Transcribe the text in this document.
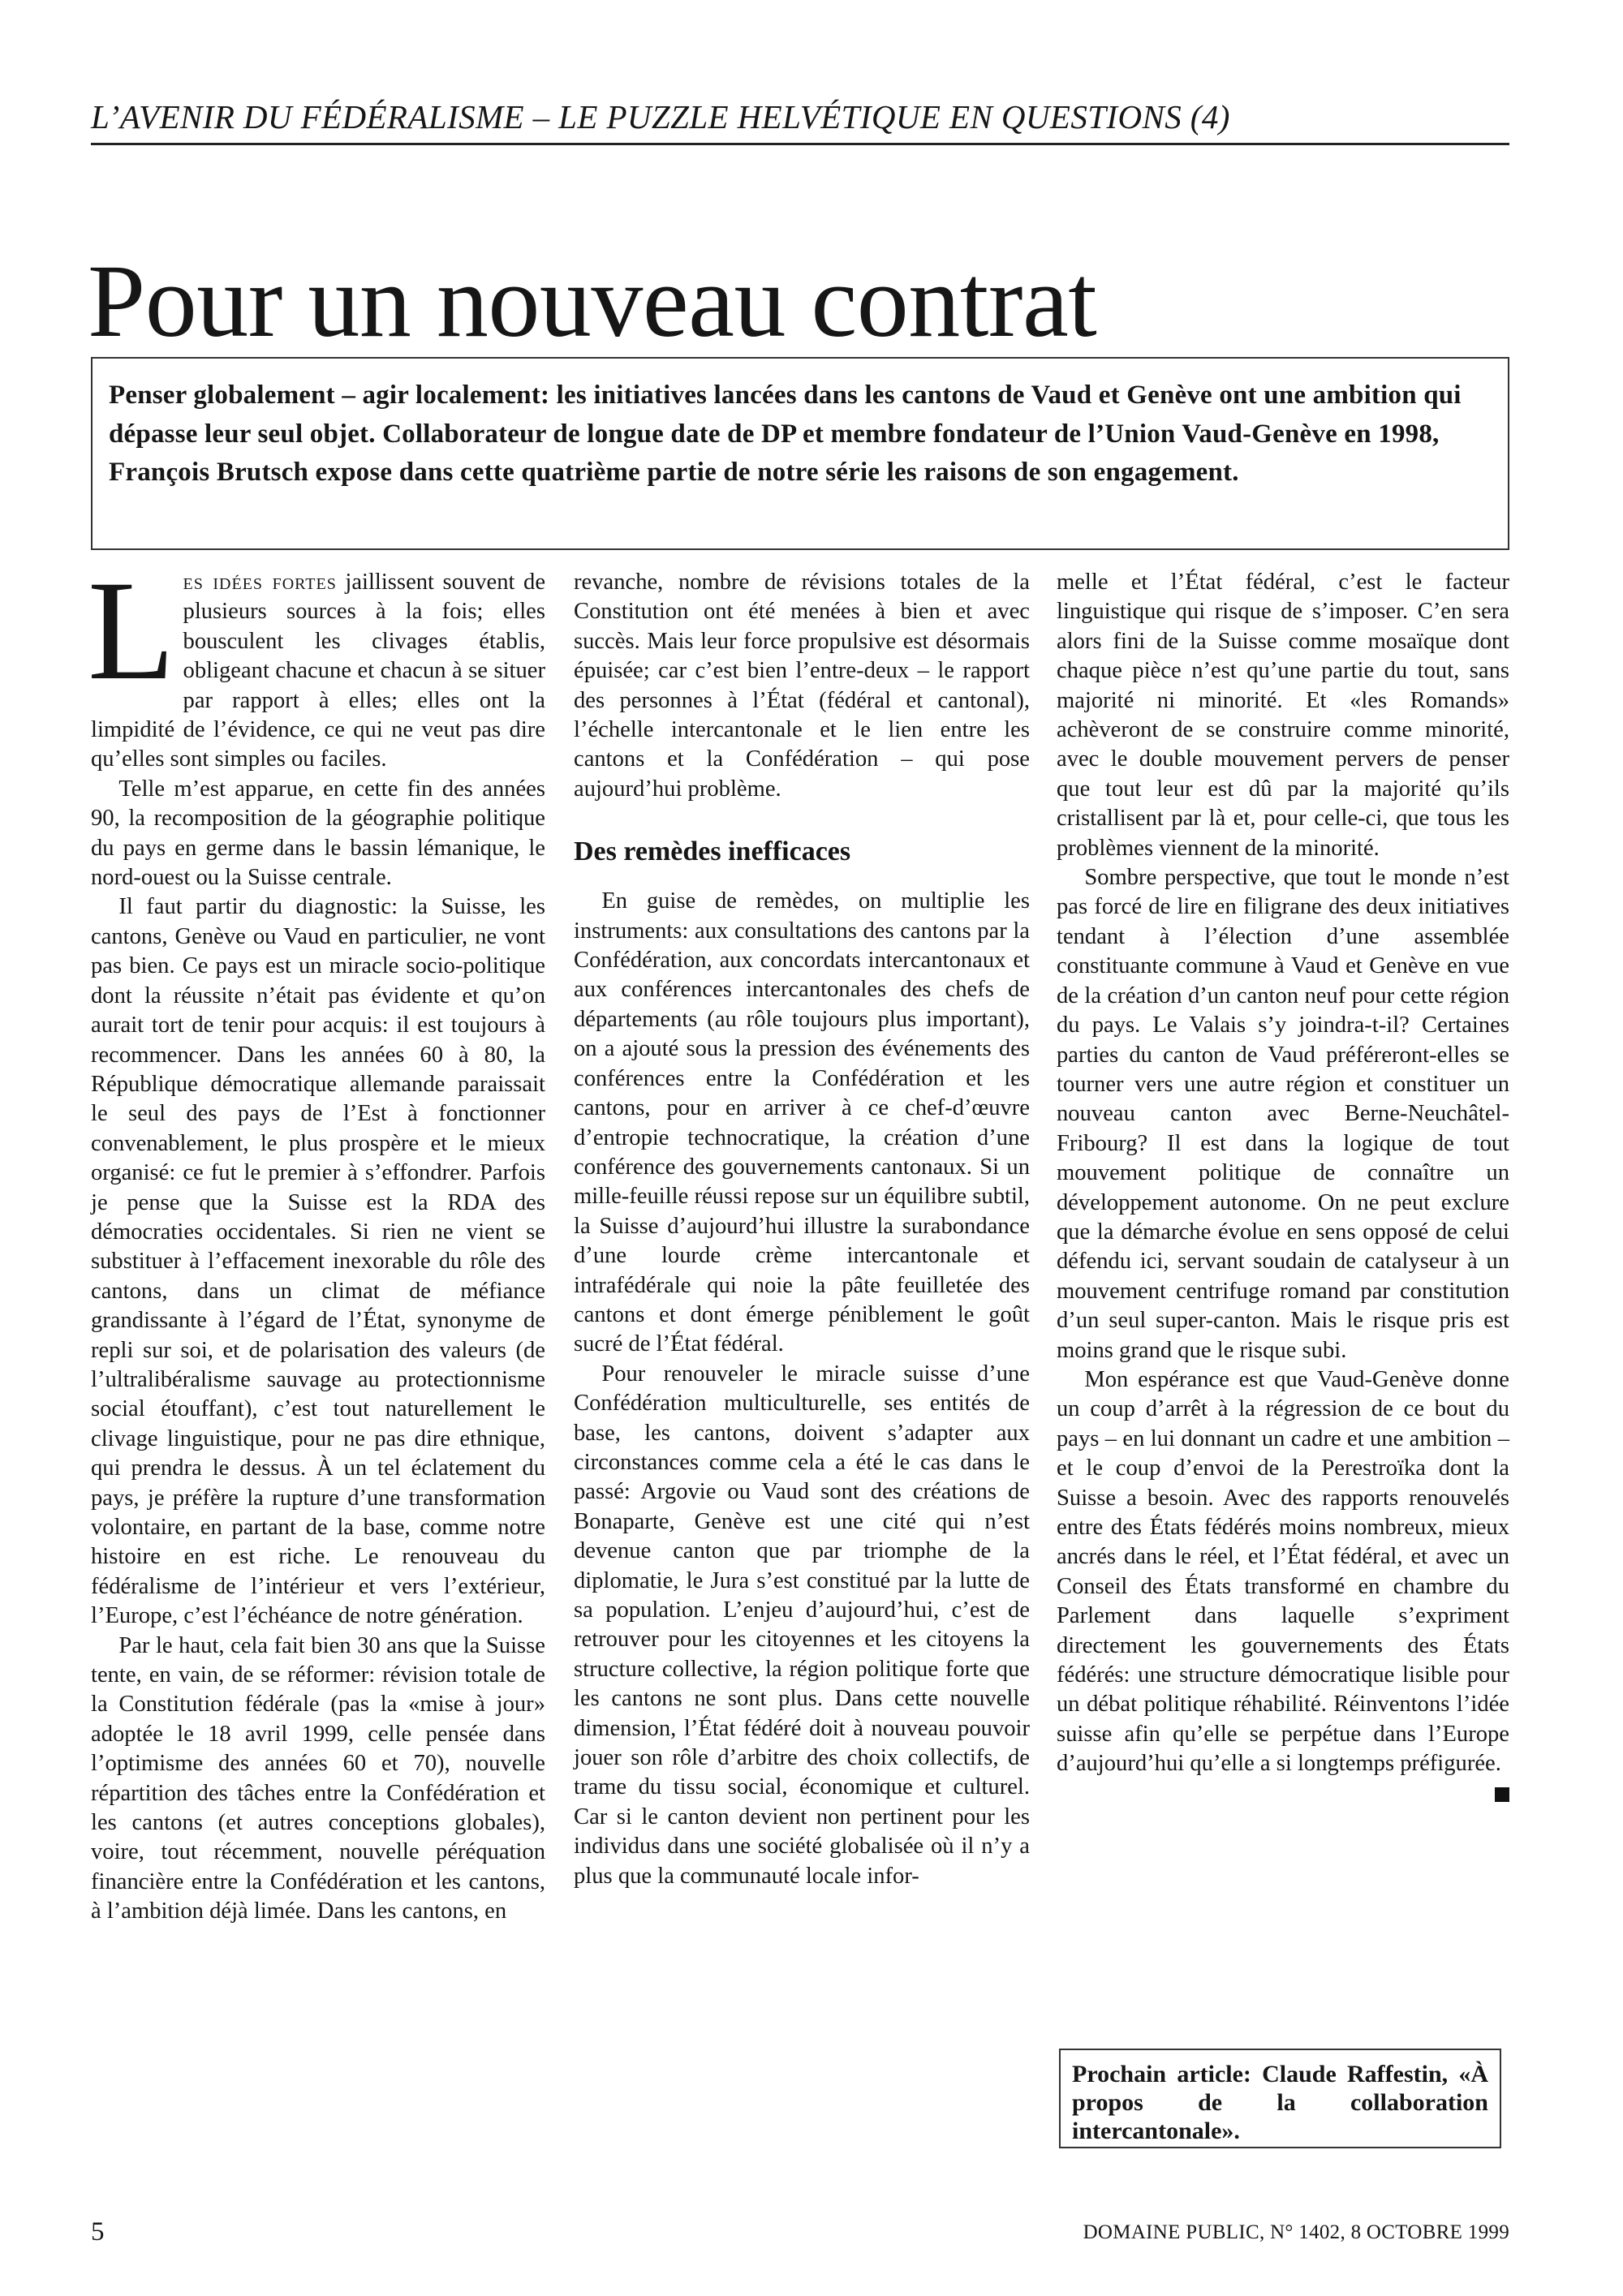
L’AVENIR DU FÉDÉRALISME – LE PUZZLE HELVÉTIQUE EN QUESTIONS (4)
Pour un nouveau contrat

Penser globalement – agir localement: les initiatives lancées dans les cantons de Vaud et Genève ont une ambition qui dépasse leur seul objet. Collaborateur de longue date de DP et membre fondateur de l’Union Vaud-Genève en 1998, François Brutsch expose dans cette quatrième partie de notre série les raisons de son engagement.

Les idées fortes jaillissent souvent de plusieurs sources à la fois; elles bousculent les clivages établis, obligeant chacune et chacun à se situer par rapport à elles; elles ont la limpidité de l’évidence, ce qui ne veut pas dire qu’elles sont simples ou faciles.

Telle m’est apparue, en cette fin des années 90, la recomposition de la géographie politique du pays en germe dans le bassin lémanique, le nord-ouest ou la Suisse centrale.

Il faut partir du diagnostic: la Suisse, les cantons, Genève ou Vaud en particulier, ne vont pas bien. Ce pays est un miracle socio-politique dont la réussite n’était pas évidente et qu’on aurait tort de tenir pour acquis: il est toujours à recommencer. Dans les années 60 à 80, la République démocratique allemande paraissait le seul des pays de l’Est à fonctionner convenablement, le plus prospère et le mieux organisé: ce fut le premier à s’effondrer. Parfois je pense que la Suisse est la RDA des démocraties occidentales. Si rien ne vient se substituer à l’effacement inexorable du rôle des cantons, dans un climat de méfiance grandissante à l’égard de l’État, synonyme de repli sur soi, et de polarisation des valeurs (de l’ultralibéralisme sauvage au protectionnisme social étouffant), c’est tout naturellement le clivage linguistique, pour ne pas dire ethnique, qui prendra le dessus. À un tel éclatement du pays, je préfère la rupture d’une transformation volontaire, en partant de la base, comme notre histoire en est riche. Le renouveau du fédéralisme de l’intérieur et vers l’extérieur, l’Europe, c’est l’échéance de notre génération.

Par le haut, cela fait bien 30 ans que la Suisse tente, en vain, de se réformer: révision totale de la Constitution fédérale (pas la «mise à jour» adoptée le 18 avril 1999, celle pensée dans l’optimisme des années 60 et 70), nouvelle répartition des tâches entre la Confédération et les cantons (et autres conceptions globales), voire, tout récemment, nouvelle péréquation financière entre la Confédération et les cantons, à l’ambition déjà limée. Dans les cantons, en

revanche, nombre de révisions totales de la Constitution ont été menées à bien et avec succès. Mais leur force propulsive est désormais épuisée; car c’est bien l’entre-deux – le rapport des personnes à l’État (fédéral et cantonal), l’échelle intercantonale et le lien entre les cantons et la Confédération – qui pose aujourd’hui problème.

Des remèdes inefficaces

En guise de remèdes, on multiplie les instruments: aux consultations des cantons par la Confédération, aux concordats intercantonaux et aux conférences intercantonales des chefs de départements (au rôle toujours plus important), on a ajouté sous la pression des événements des conférences entre la Confédération et les cantons, pour en arriver à ce chef-d’œuvre d’entropie technocratique, la création d’une conférence des gouvernements cantonaux. Si un mille-feuille réussi repose sur un équilibre subtil, la Suisse d’aujourd’hui illustre la surabondance d’une lourde crème intercantonale et intrafédérale qui noie la pâte feuilletée des cantons et dont émerge péniblement le goût sucré de l’État fédéral.

Pour renouveler le miracle suisse d’une Confédération multiculturelle, ses entités de base, les cantons, doivent s’adapter aux circonstances comme cela a été le cas dans le passé: Argovie ou Vaud sont des créations de Bonaparte, Genève est une cité qui n’est devenue canton que par triomphe de la diplomatie, le Jura s’est constitué par la lutte de sa population. L’enjeu d’aujourd’hui, c’est de retrouver pour les citoyennes et les citoyens la structure collective, la région politique forte que les cantons ne sont plus. Dans cette nouvelle dimension, l’État fédéré doit à nouveau pouvoir jouer son rôle d’arbitre des choix collectifs, de trame du tissu social, économique et culturel. Car si le canton devient non pertinent pour les individus dans une société globalisée où il n’y a plus que la communauté locale infor-

melle et l’État fédéral, c’est le facteur linguistique qui risque de s’imposer. C’en sera alors fini de la Suisse comme mosaïque dont chaque pièce n’est qu’une partie du tout, sans majorité ni minorité. Et «les Romands» achèveront de se construire comme minorité, avec le double mouvement pervers de penser que tout leur est dû par la majorité qu’ils cristallisent par là et, pour celle-ci, que tous les problèmes viennent de la minorité.

Sombre perspective, que tout le monde n’est pas forcé de lire en filigrane des deux initiatives tendant à l’élection d’une assemblée constituante commune à Vaud et Genève en vue de la création d’un canton neuf pour cette région du pays. Le Valais s’y joindra-t-il? Certaines parties du canton de Vaud préféreront-elles se tourner vers une autre région et constituer un nouveau canton avec Berne-Neuchâtel-Fribourg? Il est dans la logique de tout mouvement politique de connaître un développement autonome. On ne peut exclure que la démarche évolue en sens opposé de celui défendu ici, servant soudain de catalyseur à un mouvement centrifuge romand par constitution d’un seul super-canton. Mais le risque pris est moins grand que le risque subi.

Mon espérance est que Vaud-Genève donne un coup d’arrêt à la régression de ce bout du pays – en lui donnant un cadre et une ambition – et le coup d’envoi de la Perestroïka dont la Suisse a besoin. Avec des rapports renouvelés entre des États fédérés moins nombreux, mieux ancrés dans le réel, et l’État fédéral, et avec un Conseil des États transformé en chambre du Parlement dans laquelle s’expriment directement les gouvernements des États fédérés: une structure démocratique lisible pour un débat politique réhabilité. Réinventons l’idée suisse afin qu’elle se perpétue dans l’Europe d’aujourd’hui qu’elle a si longtemps préfigurée.

Prochain article: Claude Raffestin, «À propos de la collaboration intercantonale».
5	DOMAINE PUBLIC, N° 1402, 8 OCTOBRE 1999
